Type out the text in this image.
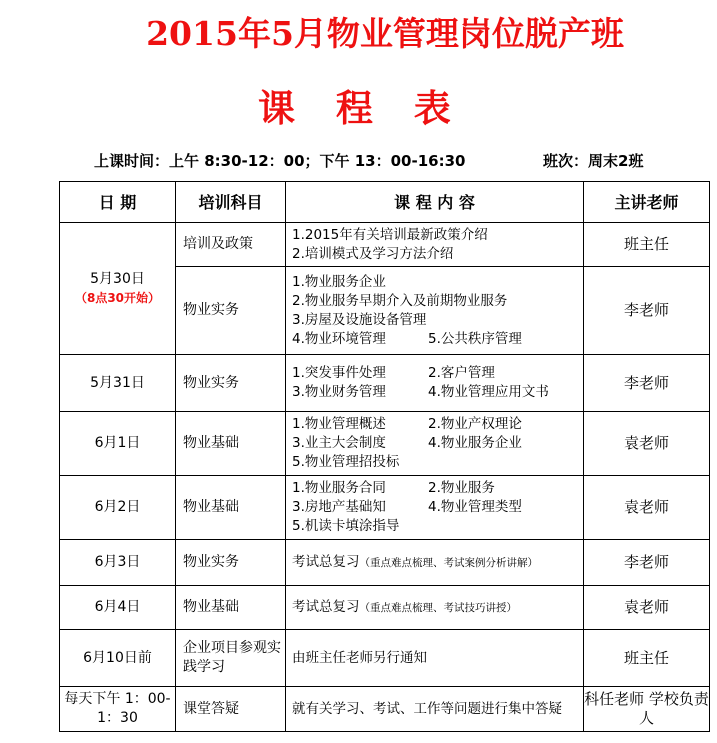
2015年5月物业管理岗位脱产班
课 程 表
上课时间：上午 8:30-12：00；下午 13：00-16:30	班次：周末2班
日 期	培训科目	课 程 内 容	主讲老师

5月30日
（8点30开始）	培训及政策	1.2015年有关培训最新政策介绍
2.培训模式及学习方法介绍	班主任
	物业实务	1.物业服务企业
2.物业服务早期介入及前期物业服务
3.房屋及设施设备管理
4.物业环境管理 5.公共秩序管理	李老师
5月31日	物业实务	1.突发事件处理 2.客户管理
3.物业财务管理 4.物业管理应用文书	李老师
6月1日	物业基础	1.物业管理概述 2.物业产权理论
3.业主大会制度 4.物业服务企业
5.物业管理招投标	袁老师
6月2日	物业基础	1.物业服务合同 2.物业服务
3.房地产基础知 4.物业管理类型
5.机读卡填涂指导	袁老师
6月3日	物业实务	考试总复习（重点难点梳理、考试案例分析讲解）	李老师
6月4日	物业基础	考试总复习（重点难点梳理、考试技巧讲授）	袁老师
6月10日前	企业项目参观实践学习	由班主任老师另行通知	班主任
每天下午 1：00-1：30	课堂答疑	就有关学习、考试、工作等问题进行集中答疑	科任老师 学校负责人
